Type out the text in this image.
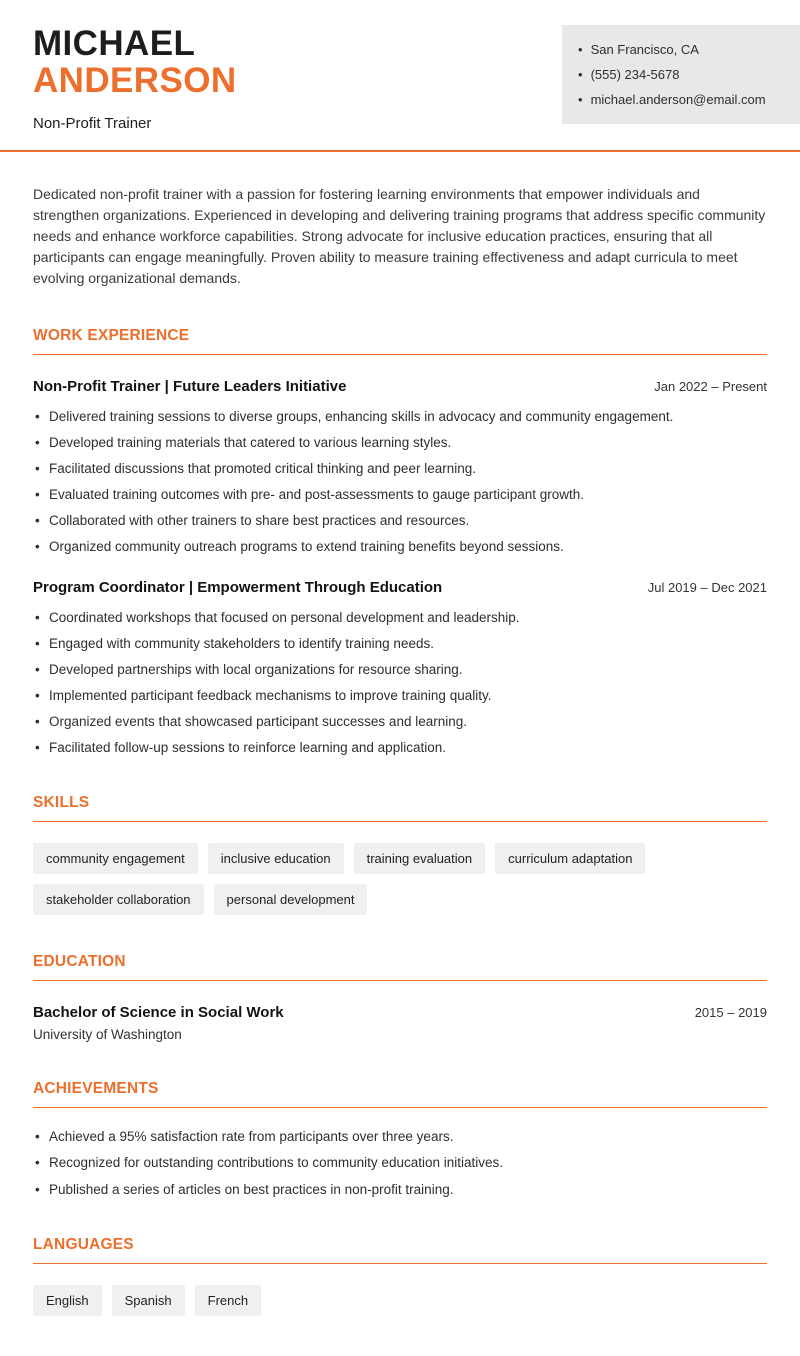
MICHAEL
ANDERSON
Non-Profit Trainer
• San Francisco, CA
• (555) 234-5678
• michael.anderson@email.com

Dedicated non-profit trainer with a passion for fostering learning environments that empower individuals and strengthen organizations. Experienced in developing and delivering training programs that address specific community needs and enhance workforce capabilities. Strong advocate for inclusive education practices, ensuring that all participants can engage meaningfully. Proven ability to measure training effectiveness and adapt curricula to meet evolving organizational demands.

WORK EXPERIENCE
Non-Profit Trainer | Future Leaders Initiative	Jan 2022 – Present
• Delivered training sessions to diverse groups, enhancing skills in advocacy and community engagement.
• Developed training materials that catered to various learning styles.
• Facilitated discussions that promoted critical thinking and peer learning.
• Evaluated training outcomes with pre- and post-assessments to gauge participant growth.
• Collaborated with other trainers to share best practices and resources.
• Organized community outreach programs to extend training benefits beyond sessions.
Program Coordinator | Empowerment Through Education	Jul 2019 – Dec 2021
• Coordinated workshops that focused on personal development and leadership.
• Engaged with community stakeholders to identify training needs.
• Developed partnerships with local organizations for resource sharing.
• Implemented participant feedback mechanisms to improve training quality.
• Organized events that showcased participant successes and learning.
• Facilitated follow-up sessions to reinforce learning and application.
SKILLS
community engagement	inclusive education	training evaluation	curriculum adaptation
stakeholder collaboration	personal development
EDUCATION
Bachelor of Science in Social Work	2015 – 2019
University of Washington
ACHIEVEMENTS
• Achieved a 95% satisfaction rate from participants over three years.
• Recognized for outstanding contributions to community education initiatives.
• Published a series of articles on best practices in non-profit training.
LANGUAGES
English	Spanish	French
